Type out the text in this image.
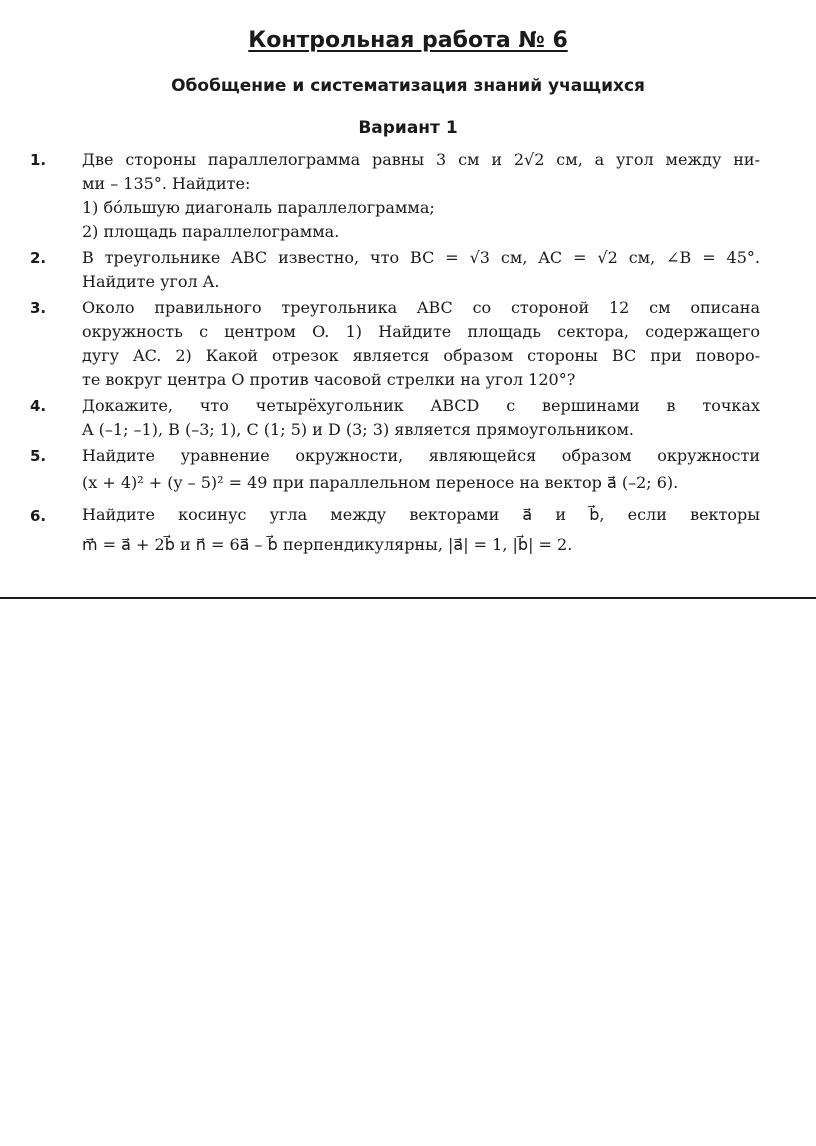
Контрольная работа № 6
Обобщение и систематизация знаний учащихся
Вариант 1
1. Две стороны параллелограмма равны 3 см и 2√2 см, а угол между ни-
ми – 135°. Найдите:
1) бо́льшую диагональ параллелограмма;
2) площадь параллелограмма.
2. В треугольнике ABC известно, что BC = √3 см, AC = √2 см, ∠B = 45°.
Найдите угол A.
3. Около правильного треугольника ABC со стороной 12 см описана
окружность с центром O. 1) Найдите площадь сектора, содержащего
дугу AC. 2) Какой отрезок является образом стороны BC при поворо-
те вокруг центра O против часовой стрелки на угол 120°?
4. Докажите, что четырёхугольник ABCD с вершинами в точках
A (–1; –1), B (–3; 1), C (1; 5) и D (3; 3) является прямоугольником.
5. Найдите уравнение окружности, являющейся образом окружности
(x + 4)² + (y – 5)² = 49 при параллельном переносе на вектор a⃗ (–2; 6).
6. Найдите косинус угла между векторами a⃗ и b⃗, если векторы
m⃗ = a⃗ + 2b⃗ и n⃗ = 6a⃗ – b⃗ перпендикулярны, |a⃗| = 1, |b⃗| = 2.
